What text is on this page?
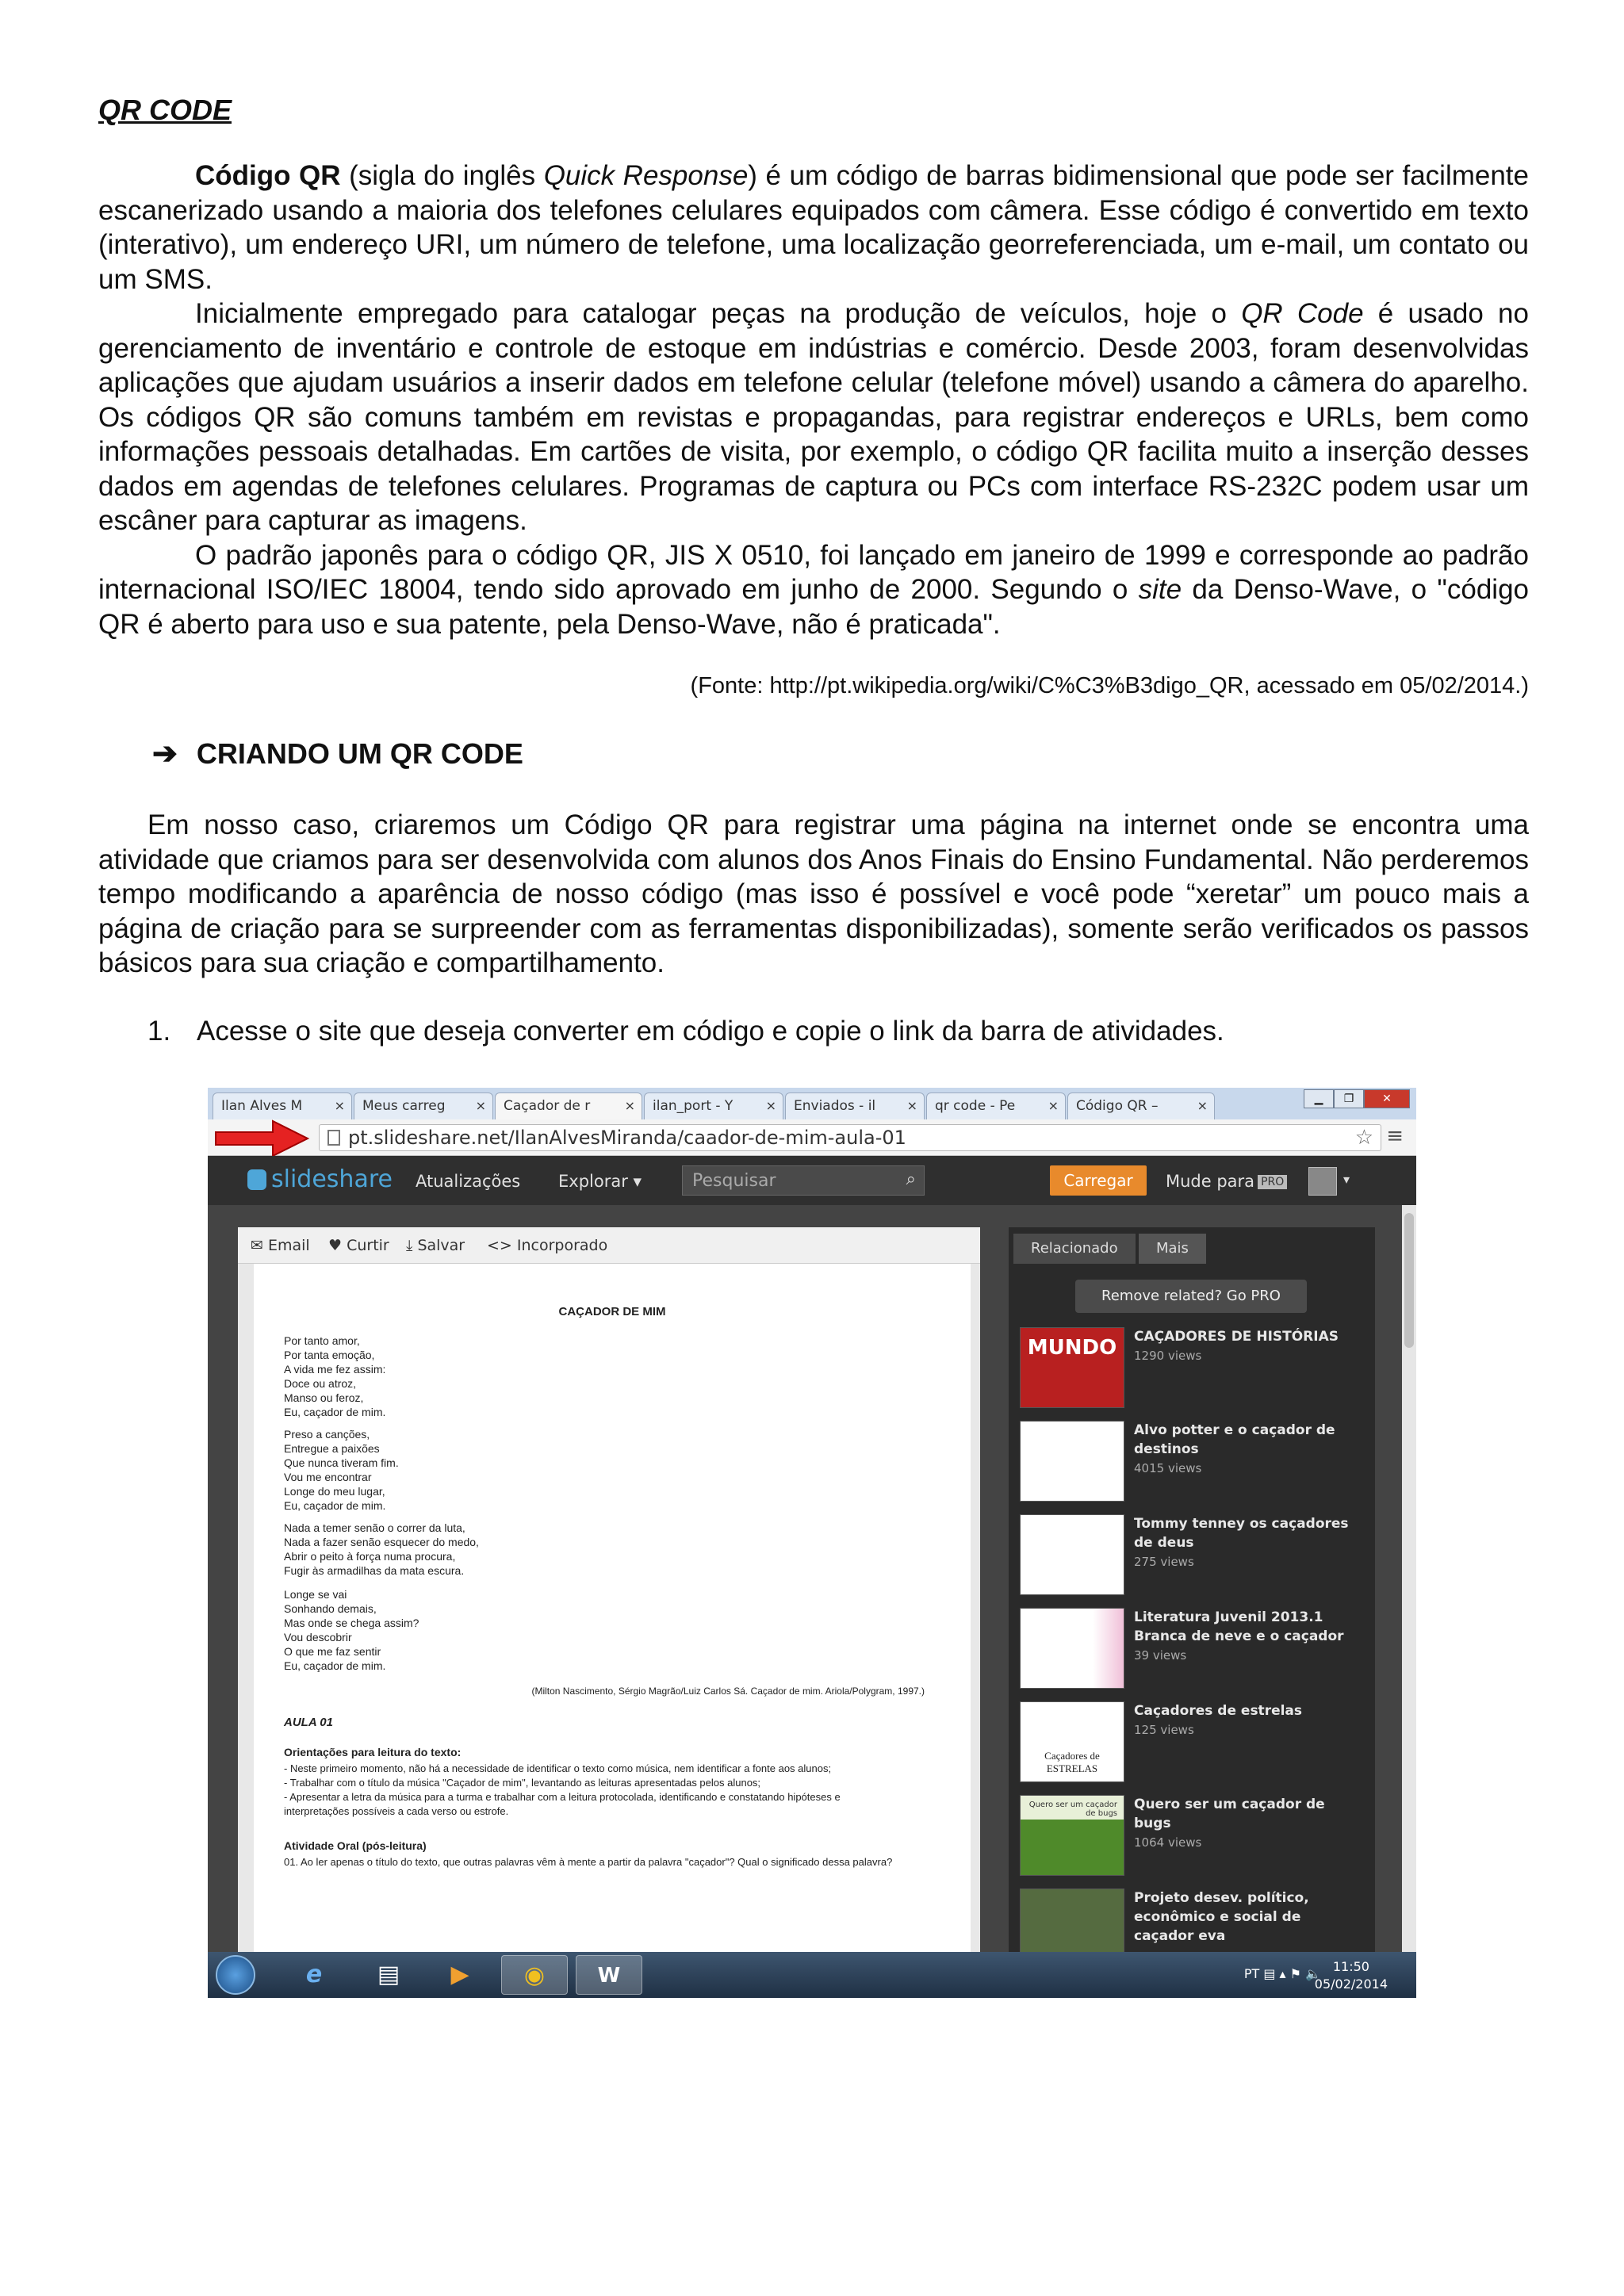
QR CODE

Código QR (sigla do inglês Quick Response) é um código de barras bidimensional que pode ser facilmente escanerizado usando a maioria dos telefones celulares equipados com câmera. Esse código é convertido em texto (interativo), um endereço URI, um número de telefone, uma localização georreferenciada, um e-mail, um contato ou um SMS.

Inicialmente empregado para catalogar peças na produção de veículos, hoje o QR Code é usado no gerenciamento de inventário e controle de estoque em indústrias e comércio. Desde 2003, foram desenvolvidas aplicações que ajudam usuários a inserir dados em telefone celular (telefone móvel) usando a câmera do aparelho. Os códigos QR são comuns também em revistas e propagandas, para registrar endereços e URLs, bem como informações pessoais detalhadas. Em cartões de visita, por exemplo, o código QR facilita muito a inserção desses dados em agendas de telefones celulares. Programas de captura ou PCs com interface RS-232C podem usar um escâner para capturar as imagens.

O padrão japonês para o código QR, JIS X 0510, foi lançado em janeiro de 1999 e corresponde ao padrão internacional ISO/IEC 18004, tendo sido aprovado em junho de 2000. Segundo o site da Denso-Wave, o "código QR é aberto para uso e sua patente, pela Denso-Wave, não é praticada".

(Fonte: http://pt.wikipedia.org/wiki/C%C3%B3digo_QR, acessado em 05/02/2014.)
➔ CRIANDO UM QR CODE

Em nosso caso, criaremos um Código QR para registrar uma página na internet onde se encontra uma atividade que criamos para ser desenvolvida com alunos dos Anos Finais do Ensino Fundamental. Não perderemos tempo modificando a aparência de nosso código (mas isso é possível e você pode “xeretar” um pouco mais a página de criação para se surpreender com as ferramentas disponibilizadas), somente serão verificados os passos básicos para sua criação e compartilhamento.

1. Acesse o site que deseja converter em código e copie o link da barra de atividades.
Ilan Alves M	×	Meus carreg ×	Caçador de r	×	ilan_port - Y	×	Enviados - il ×	qr code - Pe	×	Código QR –	×	▁	❐	✕
pt.slideshare.net/IlanAlvesMiranda/caador-de-mim-aula-01	☆ ≡
slideshare Atualizações Explorar ▾	Pesquisar	⌕	Carregar	Mude para PRO	▾
✉ Email ♥ Curtir ⤓ Salvar <> Incorporado
CAÇADOR DE MIM
Por tanto amor,
Por tanta emoção,
A vida me fez assim:
Doce ou atroz,
Manso ou feroz,
Eu, caçador de mim.
Preso a canções,
Entregue a paixões
Que nunca tiveram fim.
Vou me encontrar
Longe do meu lugar,
Eu, caçador de mim.
Nada a temer senão o correr da luta,
Nada a fazer senão esquecer do medo,
Abrir o peito à força numa procura,
Fugir às armadilhas da mata escura.
Longe se vai
Sonhando demais,
Mas onde se chega assim?
Vou descobrir
O que me faz sentir
Eu, caçador de mim.
(Milton Nascimento, Sérgio Magrão/Luiz Carlos Sá. Caçador de mim. Ariola/Polygram, 1997.)
AULA 01
Orientações para leitura do texto:
- Neste primeiro momento, não há a necessidade de identificar o texto como música, nem identificar a fonte aos alunos;
- Trabalhar com o título da música "Caçador de mim", levantando as leituras apresentadas pelos alunos;
- Apresentar a letra da música para a turma e trabalhar com a leitura protocolada, identificando e constatando hipóteses e interpretações possíveis a cada verso ou estrofe.
Atividade Oral (pós-leitura)
01. Ao ler apenas o título do texto, que outras palavras vêm à mente a partir da palavra "caçador"? Qual o significado dessa palavra?
Relacionado	Mais
Remove related? Go PRO
MUNDO	CAÇADORES DE HISTÓRIAS
1290 views
Alvo potter e o caçador de destinos
4015 views
Tommy tenney os caçadores de deus
275 views
Literatura Juvenil 2013.1 Branca de neve e o caçador
39 views
Caçadores de ESTRELAS
Caçadores de estrelas
125 views
Quero ser um caçador de bugs
Quero ser um caçador de bugs
1064 views
Projeto desev. político, econômico e social de caçador eva
e	▤	▶	◉	W	PT ▤ ▴ ⚑ 🔈 11:50
05/02/2014
